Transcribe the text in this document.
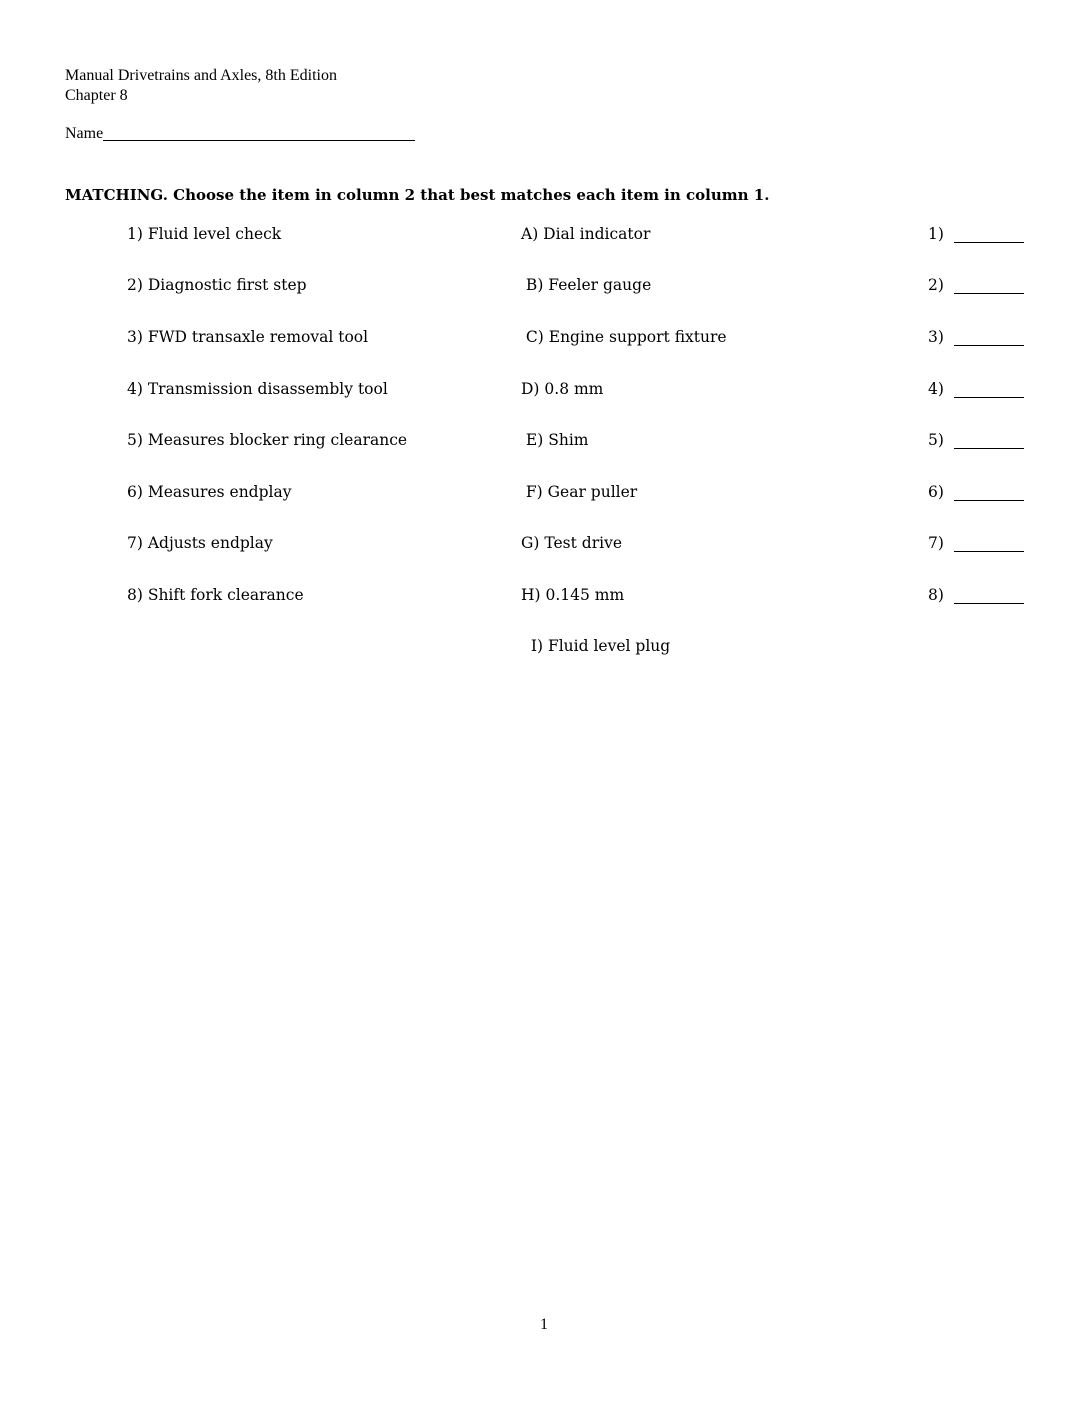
Manual Drivetrains and Axles, 8th Edition
Chapter 8
Name
MATCHING. Choose the item in column 2 that best matches each item in column 1.
1) Fluid level check
2) Diagnostic first step
3) FWD transaxle removal tool
4) Transmission disassembly tool
5) Measures blocker ring clearance
6) Measures endplay
7) Adjusts endplay
8) Shift fork clearance
A) Dial indicator
B) Feeler gauge
C) Engine support fixture
D) 0.8 mm
E) Shim
F) Gear puller
G) Test drive
H) 0.145 mm
I) Fluid level plug
1)
2)
3)
4)
5)
6)
7)
8)
1
